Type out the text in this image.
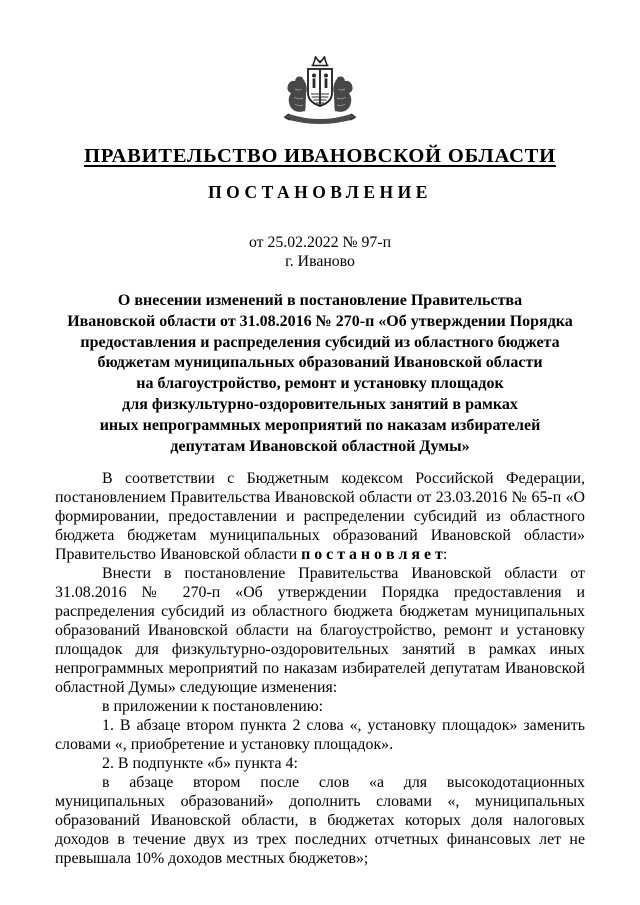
ПРАВИТЕЛЬСТВО ИВАНОВСКОЙ ОБЛАСТИ
ПОСТАНОВЛЕНИЕ
от 25.02.2022 № 97-п
г. Иваново
О внесении изменений в постановление Правительства
Ивановской области от 31.08.2016 № 270-п «Об утверждении Порядка
предоставления и распределения субсидий из областного бюджета
бюджетам муниципальных образований Ивановской области
на благоустройство, ремонт и установку площадок
для физкультурно-оздоровительных занятий в рамках
иных непрограммных мероприятий по наказам избирателей
депутатам Ивановской областной Думы»

В соответствии с Бюджетным кодексом Российской Федерации, постановлением Правительства Ивановской области от 23.03.2016 № 65-п «О формировании, предоставлении и распределении субсидий из областного бюджета бюджетам муниципальных образований Ивановской области» Правительство Ивановской области п о с т а н о в л я е т:

Внести в постановление Правительства Ивановской области от 31.08.2016 № 270-п «Об утверждении Порядка предоставления и распределения субсидий из областного бюджета бюджетам муниципальных образований Ивановской области на благоустройство, ремонт и установку площадок для физкультурно-оздоровительных занятий в рамках иных непрограммных мероприятий по наказам избирателей депутатам Ивановской областной Думы» следующие изменения:

в приложении к постановлению:

1. В абзаце втором пункта 2 слова «, установку площадок» заменить словами «, приобретение и установку площадок».

2. В подпункте «б» пункта 4:

в абзаце втором после слов «а для высокодотационных муниципальных образований» дополнить словами «, муниципальных образований Ивановской области, в бюджетах которых доля налоговых доходов в течение двух из трех последних отчетных финансовых лет не превышала 10% доходов местных бюджетов»;
